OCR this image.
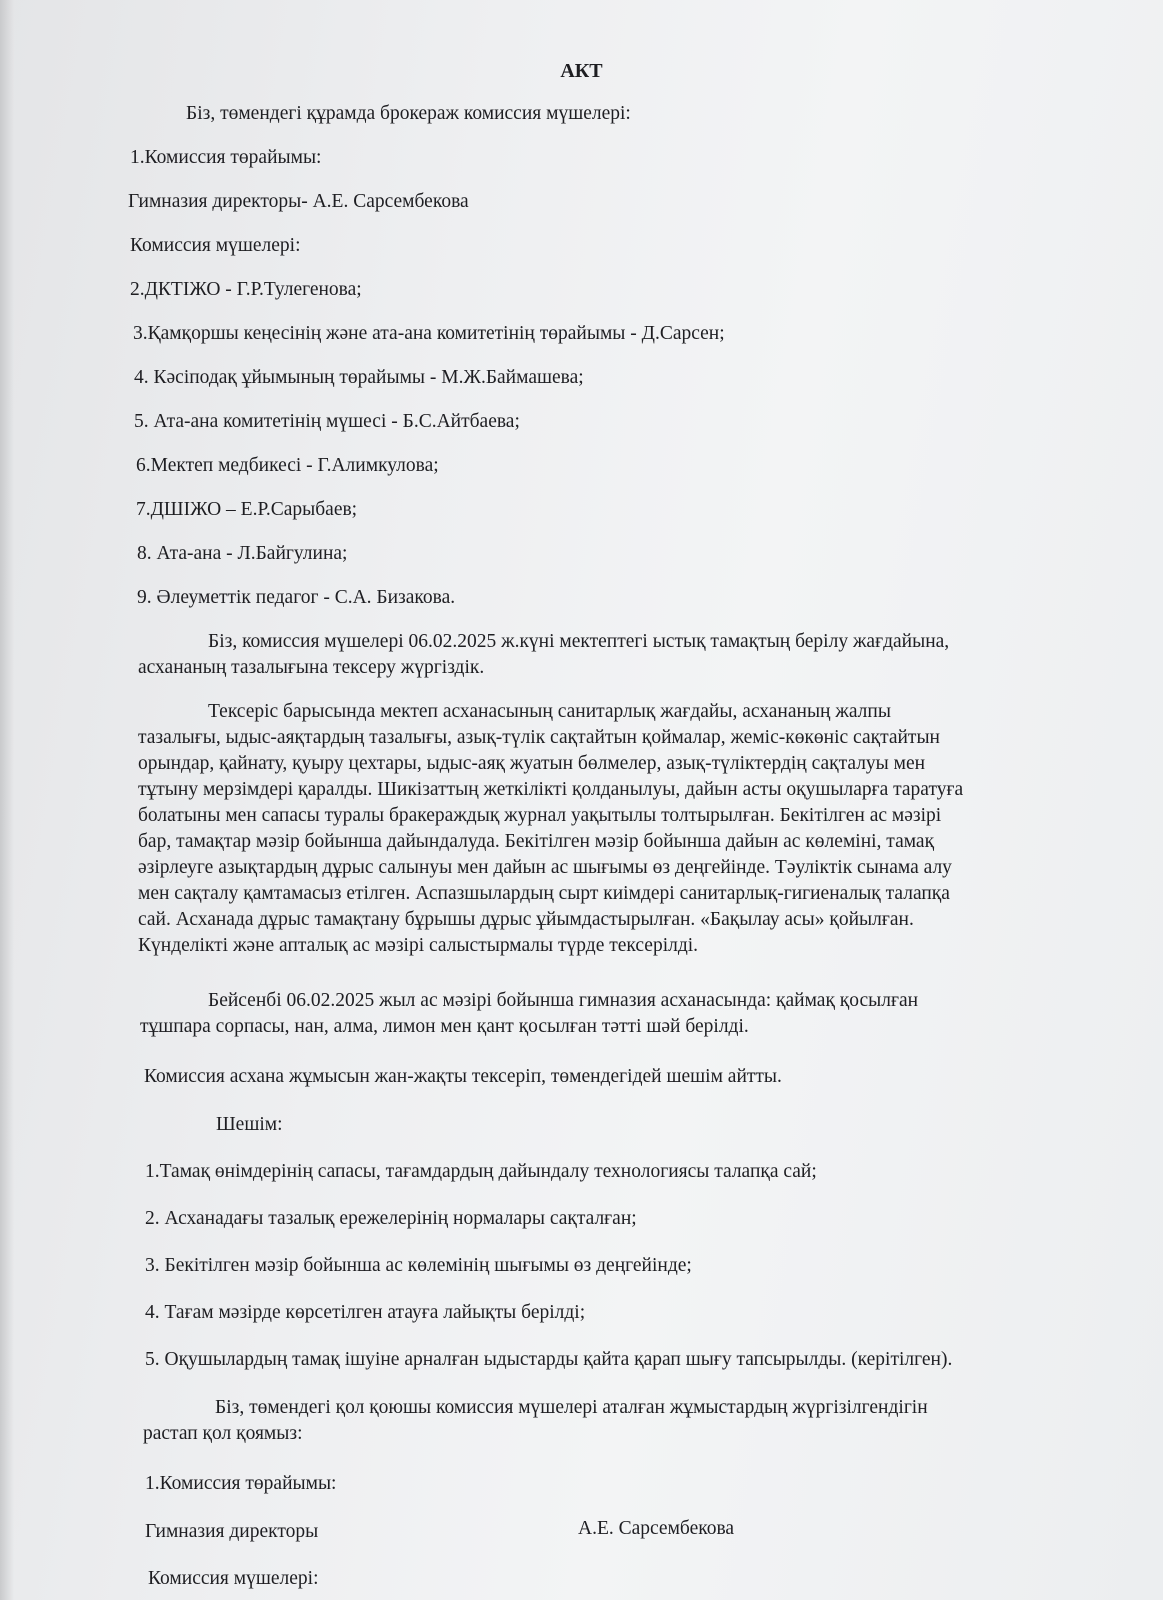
АКТ
Біз, төмендегі құрамда брокераж комиссия мүшелері:
1.Комиссия төрайымы:
Гимназия директоры- А.Е. Сарсембекова
Комиссия мүшелері:
2.ДКТІЖО - Г.Р.Тулегенова;
3.Қамқоршы кеңесінің және ата-ана комитетінің төрайымы - Д.Сарсен;
4. Кәсіподақ ұйымының төрайымы - М.Ж.Баймашева;
5. Ата-ана комитетінің мүшесі - Б.С.Айтбаева;
6.Мектеп медбикесі - Г.Алимкулова;
7.ДШІЖО – Е.Р.Сарыбаев;
8. Ата-ана - Л.Байгулина;
9. Әлеуметтік педагог - С.А. Бизакова.
Біз, комиссия мүшелері 06.02.2025 ж.күні мектептегі ыстық тамақтың берілу жағдайына,
асхананың тазалығына тексеру жүргіздік.
Тексеріс барысында мектеп асханасының санитарлық жағдайы, асхананың жалпы
тазалығы, ыдыс-аяқтардың тазалығы, азық-түлік сақтайтын қоймалар, жеміс-көкөніс сақтайтын
орындар, қайнату, қуыру цехтары, ыдыс-аяқ жуатын бөлмелер, азық-түліктердің сақталуы мен
тұтыну мерзімдері қаралды. Шикізаттың жеткілікті қолданылуы, дайын асты оқушыларға таратуға
болатыны мен сапасы туралы бракераждық журнал уақытылы толтырылған. Бекітілген ас мәзірі
бар, тамақтар мәзір бойынша дайындалуда. Бекітілген мәзір бойынша дайын ас көлемінi, тамақ
әзірлеуге азықтардың дұрыс салынуы мен дайын ас шығымы өз деңгейінде. Тәуліктік сынама алу
мен сақталу қамтамасыз етілген. Аспазшылардың сырт киімдері санитарлық-гигиеналық талапқа
сай. Асханада дұрыс тамақтану бұрышы дұрыс ұйымдастырылған. «Бақылау асы» қойылған.
Күнделікті және апталық ас мәзірі салыстырмалы түрде тексерілді.
Бейсенбі 06.02.2025 жыл ас мәзірі бойынша гимназия асханасында: қаймақ қосылған
тұшпара сорпасы, нан, алма, лимон мен қант қосылған тәтті шәй берілді.
Комиссия асхана жұмысын жан-жақты тексеріп, төмендегідей шешім айтты.
Шешім:
1.Тамақ өнімдерінің сапасы, тағамдардың дайындалу технологиясы талапқа сай;
2. Асханадағы тазалық ережелерінің нормалары сақталған;
3. Бекітілген мәзір бойынша ас көлемінің шығымы өз деңгейінде;
4. Тағам мәзірде көрсетілген атауға лайықты берілді;
5. Оқушылардың тамақ ішуіне арналған ыдыстарды қайта қарап шығу тапсырылды. (керітілген).
Біз, төмендегі қол қоюшы комиссия мүшелері аталған жұмыстардың жүргізілгендігін
растап қол қоямыз:
1.Комиссия төрайымы:
Гимназия директоры	А.Е. Сарсембекова
Комиссия мүшелері:
